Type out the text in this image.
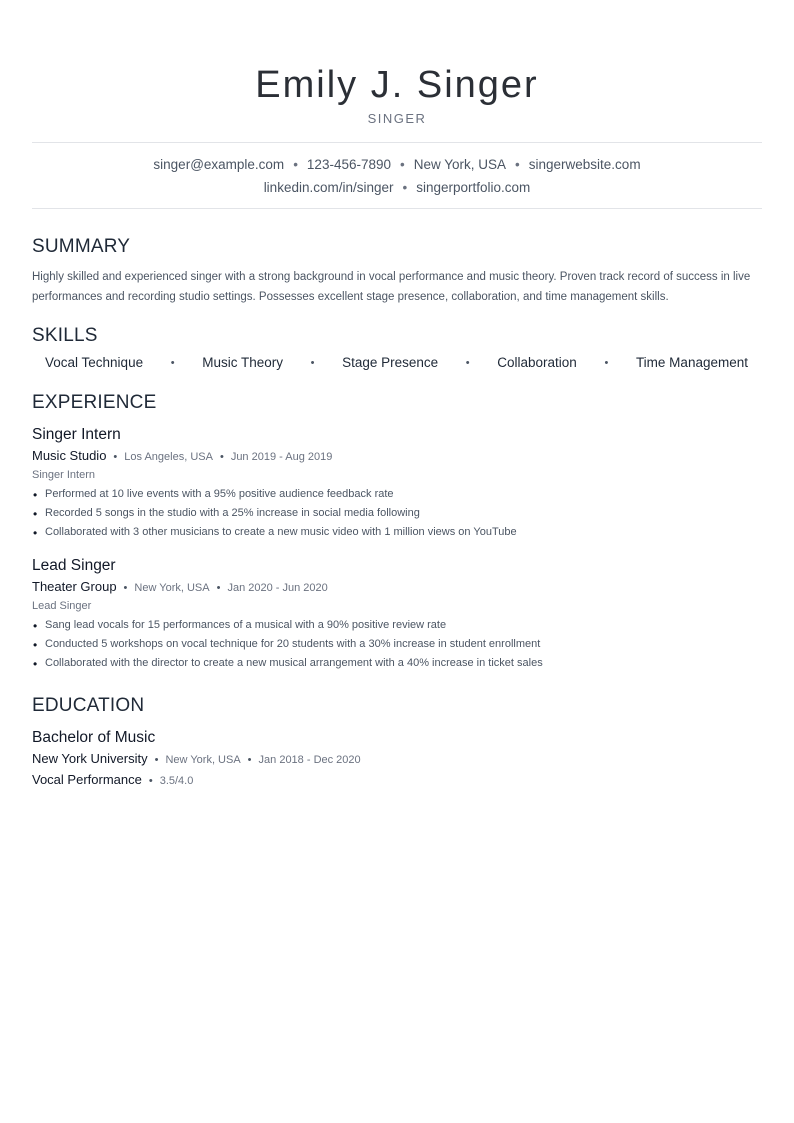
Emily J. Singer
SINGER
singer@example.com • 123-456-7890 • New York, USA • singerwebsite.com
linkedin.com/in/singer • singerportfolio.com
SUMMARY
Highly skilled and experienced singer with a strong background in vocal performance and music theory. Proven track record of success in live performances and recording studio settings. Possesses excellent stage presence, collaboration, and time management skills.
SKILLS
Vocal Technique	• Music Theory	• Stage Presence	• Collaboration	• Time Management
EXPERIENCE
Singer Intern
Music Studio • Los Angeles, USA • Jun 2019 - Aug 2019
Singer Intern
• Performed at 10 live events with a 95% positive audience feedback rate
• Recorded 5 songs in the studio with a 25% increase in social media following
• Collaborated with 3 other musicians to create a new music video with 1 million views on YouTube
Lead Singer
Theater Group • New York, USA • Jan 2020 - Jun 2020
Lead Singer
• Sang lead vocals for 15 performances of a musical with a 90% positive review rate
• Conducted 5 workshops on vocal technique for 20 students with a 30% increase in student enrollment
• Collaborated with the director to create a new musical arrangement with a 40% increase in ticket sales
EDUCATION
Bachelor of Music
New York University • New York, USA • Jan 2018 - Dec 2020
Vocal Performance • 3.5/4.0
